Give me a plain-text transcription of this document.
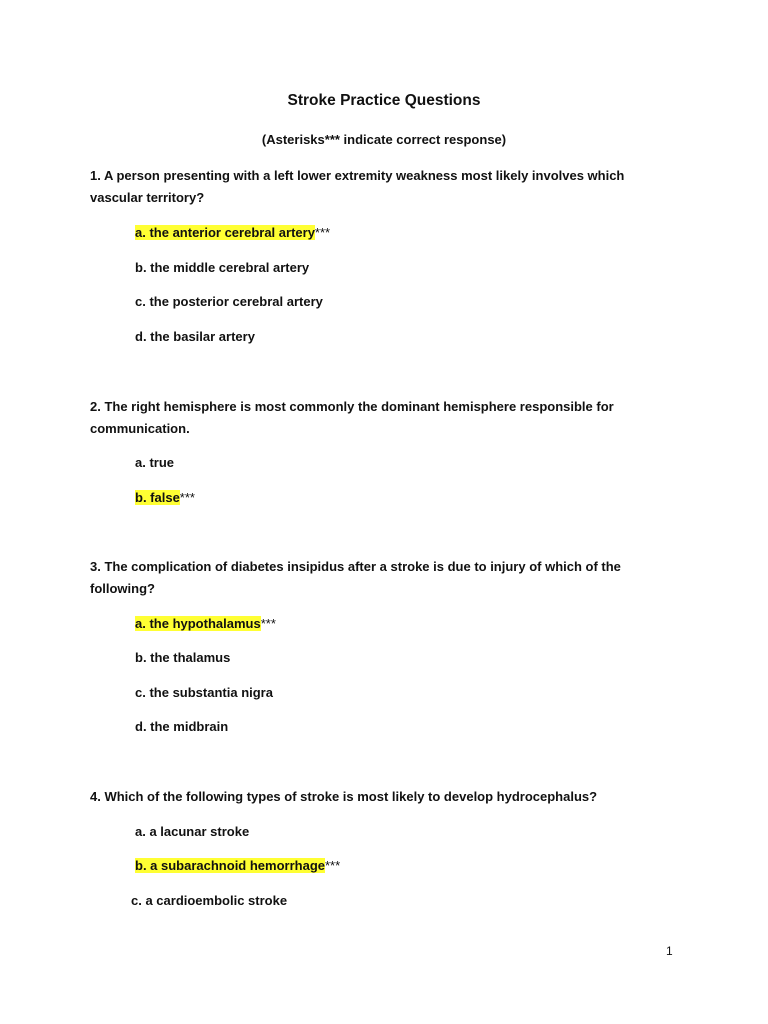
Stroke Practice Questions
(Asterisks*** indicate correct response)
1. A person presenting with a left lower extremity weakness most likely involves which vascular territory?
a. the anterior cerebral artery***
b. the middle cerebral artery
c. the posterior cerebral artery
d. the basilar artery
2. The right hemisphere is most commonly the dominant hemisphere responsible for communication.
a. true
b. false***
3. The complication of diabetes insipidus after a stroke is due to injury of which of the following?
a. the hypothalamus***
b. the thalamus
c. the substantia nigra
d. the midbrain
4. Which of the following types of stroke is most likely to develop hydrocephalus?
a. a lacunar stroke
b. a subarachnoid hemorrhage***
c. a cardioembolic stroke
1
